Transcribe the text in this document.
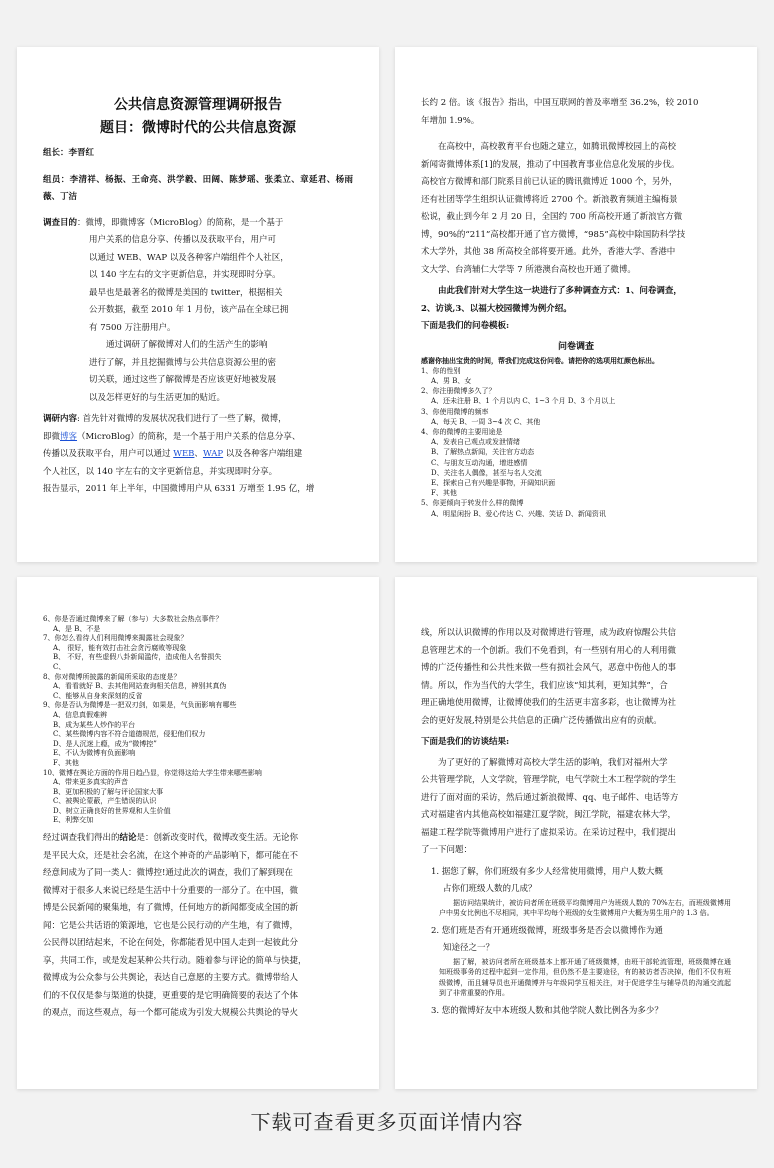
公共信息资源管理调研报告

题目：微博时代的公共信息资源

组长：李晋红

组员：李清祥、杨振、王命亮、洪学毅、田阔、陈梦瑶、张柔立、章延君、杨雨薇、丁洁

调查目的：微博，即微博客（MicroBlog）的简称，是一个基于

用户关系的信息分享、传播以及获取平台，用户可

以通过 WEB、WAP 以及各种客户端组件个人社区，

以 140 字左右的文字更新信息，并实现即时分享。

最早也是最著名的微博是美国的 twitter，根据相关

公开数据，截至 2010 年 1 月份，该产品在全球已拥

有 7500 万注册用户。

通过调研了解微博对人们的生活产生的影响

进行了解，并且挖掘微博与公共信息资源公里的密

切关联，通过这些了解微博是否应该更好地被发展

以及怎样更好的与生活更加的贴近。

调研内容: 首先针对微博的发展状况我们进行了一些了解，微博，

即微博客（MicroBlog）的简称，是一个基于用户关系的信息分享、

传播以及获取平台，用户可以通过 WEB、WAP 以及各种客户端组建

个人社区，以 140 字左右的文字更新信息，并实现即时分享。

报告显示，2011 年上半年，中国微博用户从 6331 万增至 1.95 亿，增

长约 2 倍。该《报告》指出，中国互联网的普及率增至 36.2%，较 2010

年增加 1.9%。

在高校中，高校教育平台也随之建立，如腾讯微博校园上的高校

新闻寄微博体系[1]的发展，推动了中国教育事业信息化发展的步伐。

高校官方微博和部门院系目前已认证的腾讯微博近 1000 个，另外，

还有社团等学生组织认证微博将近 2700 个。新浪教育频道主编梅景

松说，截止到今年 2 月 20 日，全国约 700 所高校开通了新浪官方微

博，90%的“211”高校都开通了官方微博，“985”高校中除国防科学技

术大学外，其他 38 所高校全部将要开通。此外，香港大学、香港中

文大学、台湾辅仁大学等 7 所港澳台高校也开通了微博。

由此我们针对大学生这一块进行了多种调查方式：1、问卷调查，

2、访谈,3、以福大校园微博为例介绍。

下面是我们的问卷模板:

问卷调查

感谢你抽出宝贵的时间，帮我们完成这份问卷。请把你的选项用红颜色标出。

1、你的性别

A、男 B、女

2、你注册微博多久了？

A、还未注册 B、1 个月以内 C、1~3 个月 D、3 个月以上

3、你使用微博的频率

A、每天 B、一周 3~4 次 C、其他

4、你的微博的主要用途是

A、发表自己观点或发泄情绪

B、了解热点新闻，关注官方动态

C、与朋友互动沟通，增进感情

D、关注名人偶像，甚至与名人交流

E、探索自己有兴趣是事物，开阔知识面

F、其他

5、你更倾向于转发什么样的微博

A、明星闲扮 B、爱心传达 C、兴趣、笑话 D、新闻资讯

6、你是否通过微博来了解（参与）大多数社会热点事件？

A、是 B、不是

7、你怎么看待人们利用微博来揭露社会现象？

A、 很好，能有效打击社会贪污腐败等现象

B、 不好，有些虚假八卦新闻滥传，造成他人名誉损失

C、

8、你对微博所披露的新闻所采取的态度是？

A、看看就好 B、去其他网站查询相关信息，辨别其真伪

C、能够从自身来深刻的反省

9、你是否认为微博是一把双刃剑，如果是，气负面影响有哪些

A、信息真假难辨

B、成为某些人炒作的平台

C、某些微博内容不符合道德规范，侵犯他们权力

D、是人沉迷上瘾，成为“微博控”

E、不认为微博有负面影响

F、其他

10、微博在舆论方面的作用日趋凸显，你觉得这给大学生带来哪些影响

A、带来更多真实的声音

B、更加积极的了解与评论国家大事

C、被舆论蒙蔽，产生错误的认识

D、树立正确良好的世界观和人生价值

E、利弊交加

经过调查我们得出的结论是：创新改变时代，微博改变生活。无论你

是平民大众，还是社会名流，在这个神奇的产品影响下，都可能在不

经意间成为了同一类人：微博控!通过此次的调查，我们了解到现在

微博对于很多人来说已经是生活中十分重要的一部分了。在中国，微

博是公民新闻的聚集地，有了微博，任何地方的新闻都变成全国的新

闻：它是公共话语的策源地，它也是公民行动的产生地，有了微博，

公民得以团结起来，不论在何处，你都能看见中国人走到一起彼此分

享，共同工作，或是发起某种公共行动。随着参与评论的简单与快捷，

微博成为公众参与公共舆论，表达自己意愿的主要方式。微博带给人

们的不仅仅是参与渠道的快捷，更重要的是它明确简要的表达了个体

的观点，而这些观点，每一个都可能成为引发大规模公共舆论的导火

线，所以认识微博的作用以及对微博进行管理，成为政府惊醒公共信

息管理艺术的一个创新。我们不免看到，有一些别有用心的人利用微

博的广泛传播性和公共性来做一些有损社会风气，恶意中伤他人的事

情。所以，作为当代的大学生，我们应该“知其利，更知其弊”，合

理正确地使用微博，让微博使我们的生活更丰富多彩，也让微博为社

会的更好发展,特别是公共信息的正确广泛传播做出应有的贡献。

下面是我们的访谈结果:

为了更好的了解微博对高校大学生活的影响，我们对福州大学

公共管理学院，人文学院，管理学院，电气学院土木工程学院的学生

进行了面对面的采访，然后通过新浪微博、qq、电子邮件、电话等方

式对福建省内其他高校如福建江夏学院，闽江学院，福建农林大学，

福建工程学院等微博用户进行了虚拟采访。在采访过程中，我们提出

了一下问题：

1. 据您了解，你们班级有多少人经常使用微博，用户人数大概

占你们班级人数的几成？

据访问结果统计，被访问者所在班级平均微博用户为班级人数的 70%左右，而班级微博用户中男女比例也不尽相同，其中平均每个班级的女生微博用户大概为男生用户的 1.3 倍。

2. 您们班是否有开通班级微博，班级事务是否会以微博作为通

知途径之一？

据了解，被访问者所在班级基本上都开通了班级微博，由班干部轮流管理，班级微博在通知班级事务的过程中起到一定作用，但仍然不是主要途径，有的被访者否决掉，他们不仅有班级微博，而且辅导员也开通微博并与年级同学互相关注，对于促进学生与辅导员的沟通交流起到了非常重要的作用。

3. 您的微博好友中本班级人数和其他学院人数比例各为多少？

下载可查看更多页面详情内容
